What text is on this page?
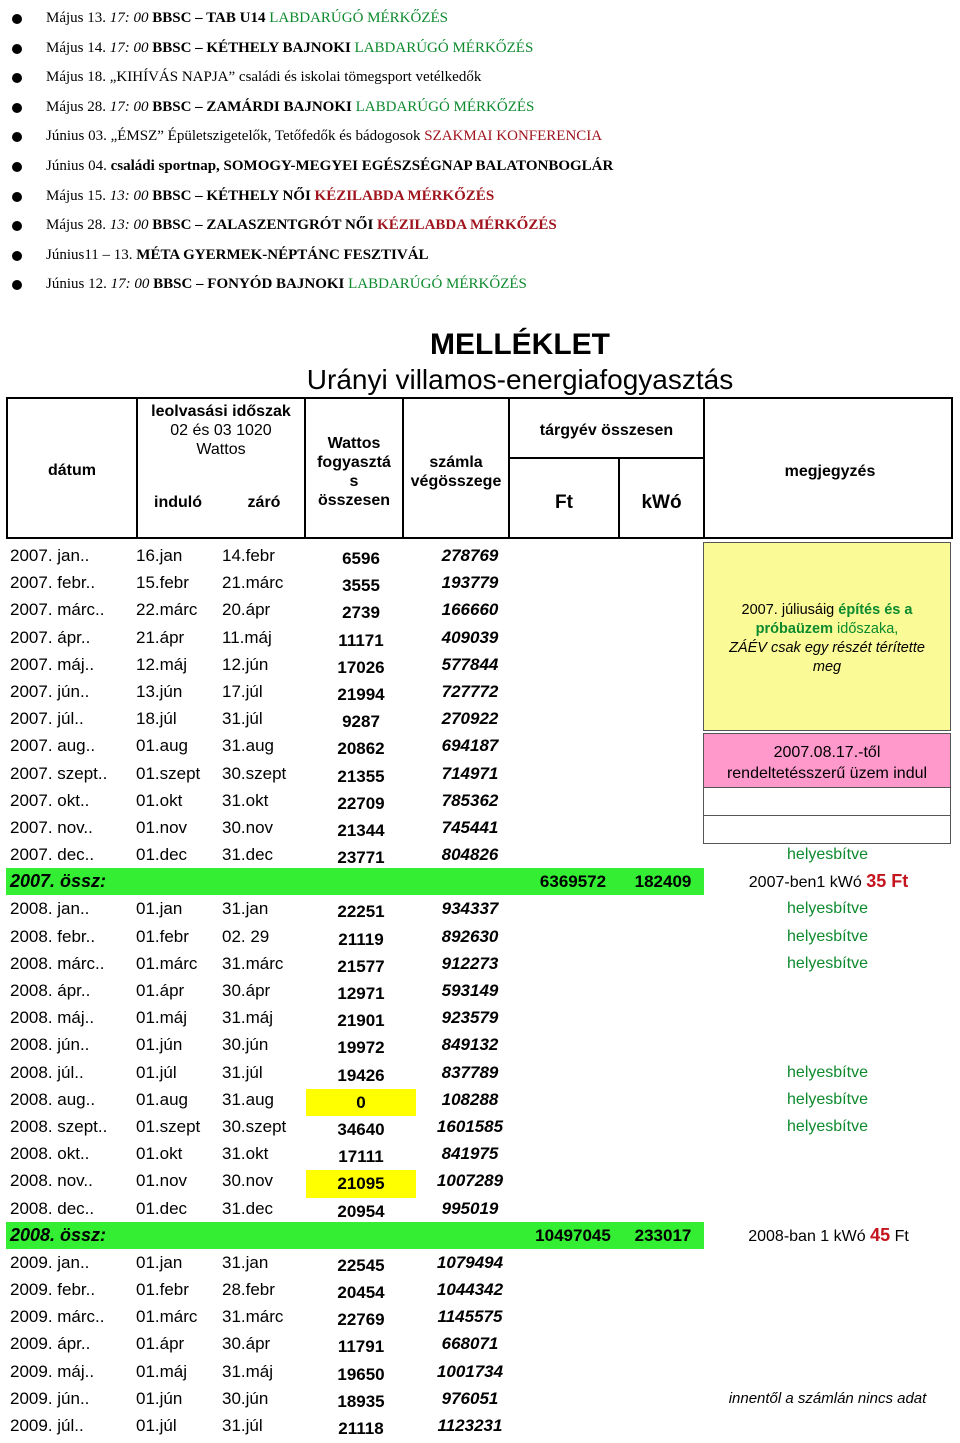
Május 13. 17: 00 BBSC – TAB U14 LABDARÚGÓ MÉRKŐZÉS
Május 14. 17: 00 BBSC – KÉTHELY BAJNOKI LABDARÚGÓ MÉRKŐZÉS
Május 18. „KIHÍVÁS NAPJA” családi és iskolai tömegsport vetélkedők
Május 28. 17: 00 BBSC – ZAMÁRDI BAJNOKI LABDARÚGÓ MÉRKŐZÉS
Június 03. „ÉMSZ” Épületszigetelők, Tetőfedők és bádogosok SZAKMAI KONFERENCIA
Június 04. családi sportnap, SOMOGY-MEGYEI EGÉSZSÉGNAP BALATONBOGLÁR
Május 15. 13: 00 BBSC – KÉTHELY NŐI KÉZILABDA MÉRKŐZÉS
Május 28. 13: 00 BBSC – ZALASZENTGRÓT NŐI KÉZILABDA MÉRKŐZÉS
Június11 – 13. MÉTA GYERMEK-NÉPTÁNC FESZTIVÁL
Június 12. 17: 00 BBSC – FONYÓD BAJNOKI LABDARÚGÓ MÉRKŐZÉS
MELLÉKLET
Urányi villamos-energiafogyasztás
dátum
leolvasási időszak
02 és 03 1020
Wattos
induló	záró
Wattos
fogyasztá
s
összesen
számla
végösszege
tárgyév összesen
Ft	kWó
megjegyzés
2007. júliusáig építés és a
próbaüzem időszaka,
ZÁÉV csak egy részét térítette
meg
2007.08.17.-től
rendeltetésszerű üzem indul
2007. jan..	16.jan 14.febr	6596	278769
2007. febr.. 15.febr 21.márc	3555	193779
2007. márc.. 22.márc 20.ápr	2739	166660
2007. ápr..	21.ápr 11.máj	11171	409039
2007. máj.. 12.máj 12.jún	17026	577844
2007. jún..	13.jún 17.júl	21994	727772
2007. júl..	18.júl	31.júl	9287	270922
2007. aug.. 01.aug 31.aug	20862	694187
2007. szept.. 01.szept 30.szept	21355	714971
2007. okt..	01.okt 31.okt	22709	785362
2007. nov..	01.nov 30.nov	21344	745441
2007. dec.. 01.dec 31.dec	23771	804826	helyesbítve
2007. össz:	6369572	182409	2007-ben1 kWó 35 Ft
2008. jan..	01.jan 31.jan	22251	934337	helyesbítve
2008. febr.. 01.febr 02. 29	21119	892630	helyesbítve
2008. márc.. 01.márc 31.márc	21577	912273	helyesbítve
2008. ápr..	01.ápr 30.ápr	12971	593149
2008. máj.. 01.máj 31.máj	21901	923579
2008. jún..	01.jún 30.jún	19972	849132
2008. júl..	01.júl	31.júl	19426	837789	helyesbítve
2008. aug.. 01.aug 31.aug	0	108288	helyesbítve
2008. szept.. 01.szept 30.szept	34640	1601585	helyesbítve
2008. okt..	01.okt 31.okt	17111	841975
2008. nov..	01.nov 30.nov	21095	1007289
2008. dec.. 01.dec 31.dec	20954	995019
2008. össz:	10497045	233017	2008-ban 1 kWó 45 Ft
2009. jan..	01.jan 31.jan	22545	1079494
2009. febr.. 01.febr 28.febr	20454	1044342
2009. márc.. 01.márc 31.márc	22769	1145575
2009. ápr..	01.ápr 30.ápr	11791	668071
2009. máj.. 01.máj 31.máj	19650	1001734
2009. jún..	01.jún 30.jún	18935	976051	innentől a számlán nincs adat
2009. júl..	01.júl	31.júl	21118	1123231
